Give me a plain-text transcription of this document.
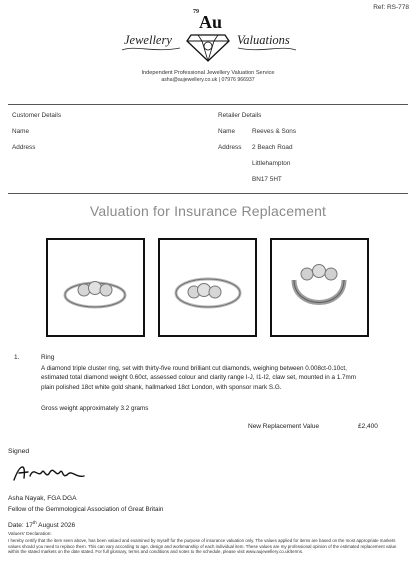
Ref: RS-778
Jewellery
$^{79}$Au
Valuations
Independent Professional Jewellery Valuation Service
asha@aujewellery.co.uk | 07976 966937
Customer Details
Name
Address
Retailer Details
Name	Reeves & Sons
Address 2 Beach Road
Littlehampton
BN17 5HT
Valuation for Insurance Replacement
1.	Ring
A diamond triple cluster ring, set with thirty-five round brilliant cut diamonds, weighing between 0.008ct-0.10ct, estimated total diamond weight 0.60ct, assessed colour and clarity range I-J, I1-I2, claw set, mounted in a 1.7mm plain polished 18ct white gold shank, hallmarked 18ct London, with sponsor mark S.G.
Gross weight approximately 3.2 grams
New Replacement Value	£2,400
Signed
Asha Nayak, FGA DGA
Fellow of the Gemmological Association of Great Britain
Date: 17th August 2026
Valuers' Declaration:
I hereby certify that the item seen above, has been valued and examined by myself for the purpose of insurance valuation only. The values applied for items are based on the most appropriate markets values should you need to replace them. This can vary according to age, design and workmanship of each individual item. These values are my professional opinion of the estimated replacement value within the stated markets on the date stated. For full glossary, terms and conditions and notes to the schedule, please visit www.aujewellery.co.uk/terms.
